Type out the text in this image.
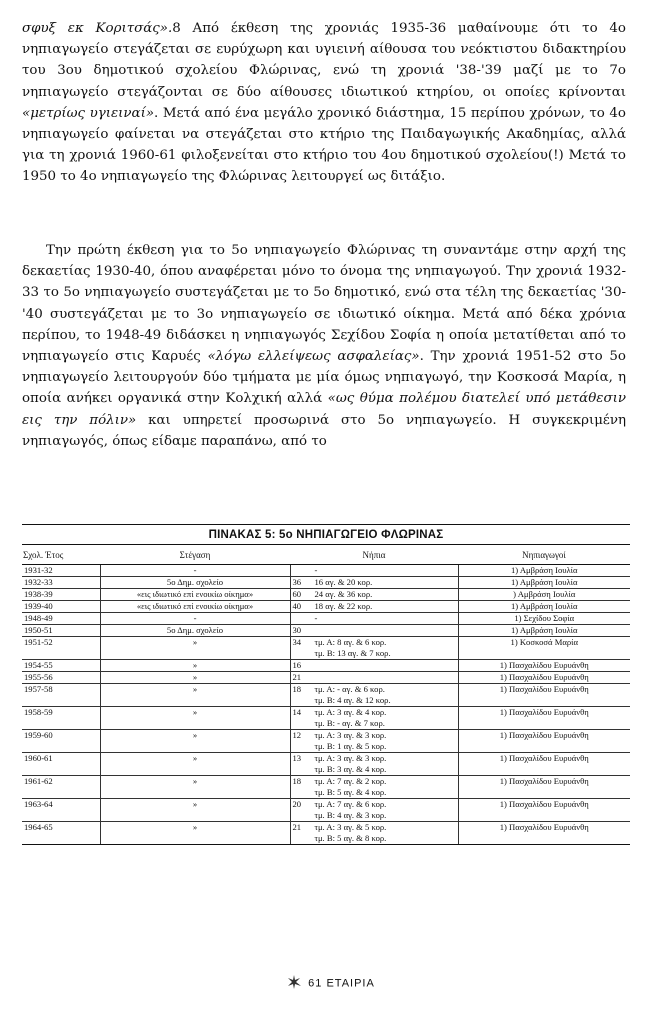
σφυξ εκ Κοριτσάς».8 Από έκθεση της χρονιάς 1935-36 μαθαίνουμε ότι το 4ο νηπιαγωγείο στεγάζεται σε ευρύχωρη και υγιεινή αίθουσα του νεόκτιστου διδακτηρίου του 3ου δημοτικού σχολείου Φλώρινας, ενώ τη χρονιά '38-'39 μαζί με το 7ο νηπιαγωγείο στεγάζονται σε δύο αίθουσες ιδιωτικού κτηρίου, οι οποίες κρίνονται «μετρίως υγιειναί». Μετά από ένα μεγάλο χρονικό διάστημα, 15 περίπου χρόνων, το 4ο νηπιαγωγείο φαίνεται να στεγάζεται στο κτήριο της Παιδαγωγικής Ακαδημίας, αλλά για τη χρονιά 1960-61 φιλοξενείται στο κτήριο του 4ου δημοτικού σχολείου(!) Μετά το 1950 το 4ο νηπιαγωγείο της Φλώρινας λειτουργεί ως διτάξιο.

Την πρώτη έκθεση για το 5ο νηπιαγωγείο Φλώρινας τη συναντάμε στην αρχή της δεκαετίας 1930-40, όπου αναφέρεται μόνο το όνομα της νηπιαγωγού. Την χρονιά 1932-33 το 5ο νηπιαγωγείο συστεγάζεται με το 5ο δημοτικό, ενώ στα τέλη της δεκαετίας '30-'40 συστεγάζεται με το 3ο νηπιαγωγείο σε ιδιωτικό οίκημα. Μετά από δέκα χρόνια περίπου, το 1948-49 διδάσκει η νηπιαγωγός Σεχίδου Σοφία η οποία μετατίθεται από το νηπιαγωγείο στις Καρυές «λόγω ελλείψεως ασφαλείας». Την χρονιά 1951-52 στο 5ο νηπιαγωγείο λειτουργούν δύο τμήματα με μία όμως νηπιαγωγό, την Κοσκοσά Μαρία, η οποία ανήκει οργανικά στην Κολχική αλλά «ως θύμα πολέμου διατελεί υπό μετάθεσιν εις την πόλιν» και υπηρετεί προσωρινά στο 5ο νηπιαγωγείο. Η συγκεκριμένη νηπιαγωγός, όπως είδαμε παραπάνω, από το

ΠΙΝΑΚΑΣ 5: 5ο ΝΗΠΙΑΓΩΓΕΙΟ ΦΛΩΡΙΝΑΣ
Σχολ. Έτος	Στέγαση	Νήπια	Νηπιαγωγοί
1931-32	-	-	1) Αμβράση Ιουλία
1932-33	5ο Δημ. σχολείο	36 16 αγ. & 20 κορ.	1) Αμβράση Ιουλία
1938-39	«εις ιδιωτικό επί ενοικίω οίκημα»	60 24 αγ. & 36 κορ.	) Αμβράση Ιουλία
1939-40	«εις ιδιωτικό επί ενοικίω οίκημα»	40 18 αγ. & 22 κορ.	1) Αμβράση Ιουλία
1948-49	-	-	1) Σεχίδου Σοφία
1950-51	5ο Δημ. σχολείο	30	1) Αμβράση Ιουλία
1951-52	»	34 τμ. Α: 8 αγ. & 6 κορ.
τμ. Β: 13 αγ. & 7 κορ.	1) Κοσκοσά Μαρία
1954-55	»	16	1) Πασχαλίδου Ευρυάνθη
1955-56	»	21	1) Πασχαλίδου Ευρυάνθη
1957-58	»	18 τμ. Α: - αγ. & 6 κορ.
τμ. Β: 4 αγ. & 12 κορ.	1) Πασχαλίδου Ευρυάνθη
1958-59	»	14 τμ. Α: 3 αγ. & 4 κορ.
τμ. Β: - αγ. & 7 κορ.	1) Πασχαλίδου Ευρυάνθη
1959-60	»	12 τμ. Α: 3 αγ. & 3 κορ.
τμ. Β: 1 αγ. & 5 κορ.	1) Πασχαλίδου Ευρυάνθη
1960-61	»	13 τμ. Α: 3 αγ. & 3 κορ.
τμ. Β: 3 αγ. & 4 κορ.	1) Πασχαλίδου Ευρυάνθη
1961-62	»	18 τμ. Α: 7 αγ. & 2 κορ.
τμ. Β: 5 αγ. & 4 κορ.	1) Πασχαλίδου Ευρυάνθη
1963-64	»	20 τμ. Α: 7 αγ. & 6 κορ.
τμ. Β: 4 αγ. & 3 κορ.	1) Πασχαλίδου Ευρυάνθη
1964-65	»	21 τμ. Α: 3 αγ. & 5 κορ.
τμ. Β: 5 αγ. & 8 κορ.	1) Πασχαλίδου Ευρυάνθη
61 ΕΤΑΙΡΙΑ
